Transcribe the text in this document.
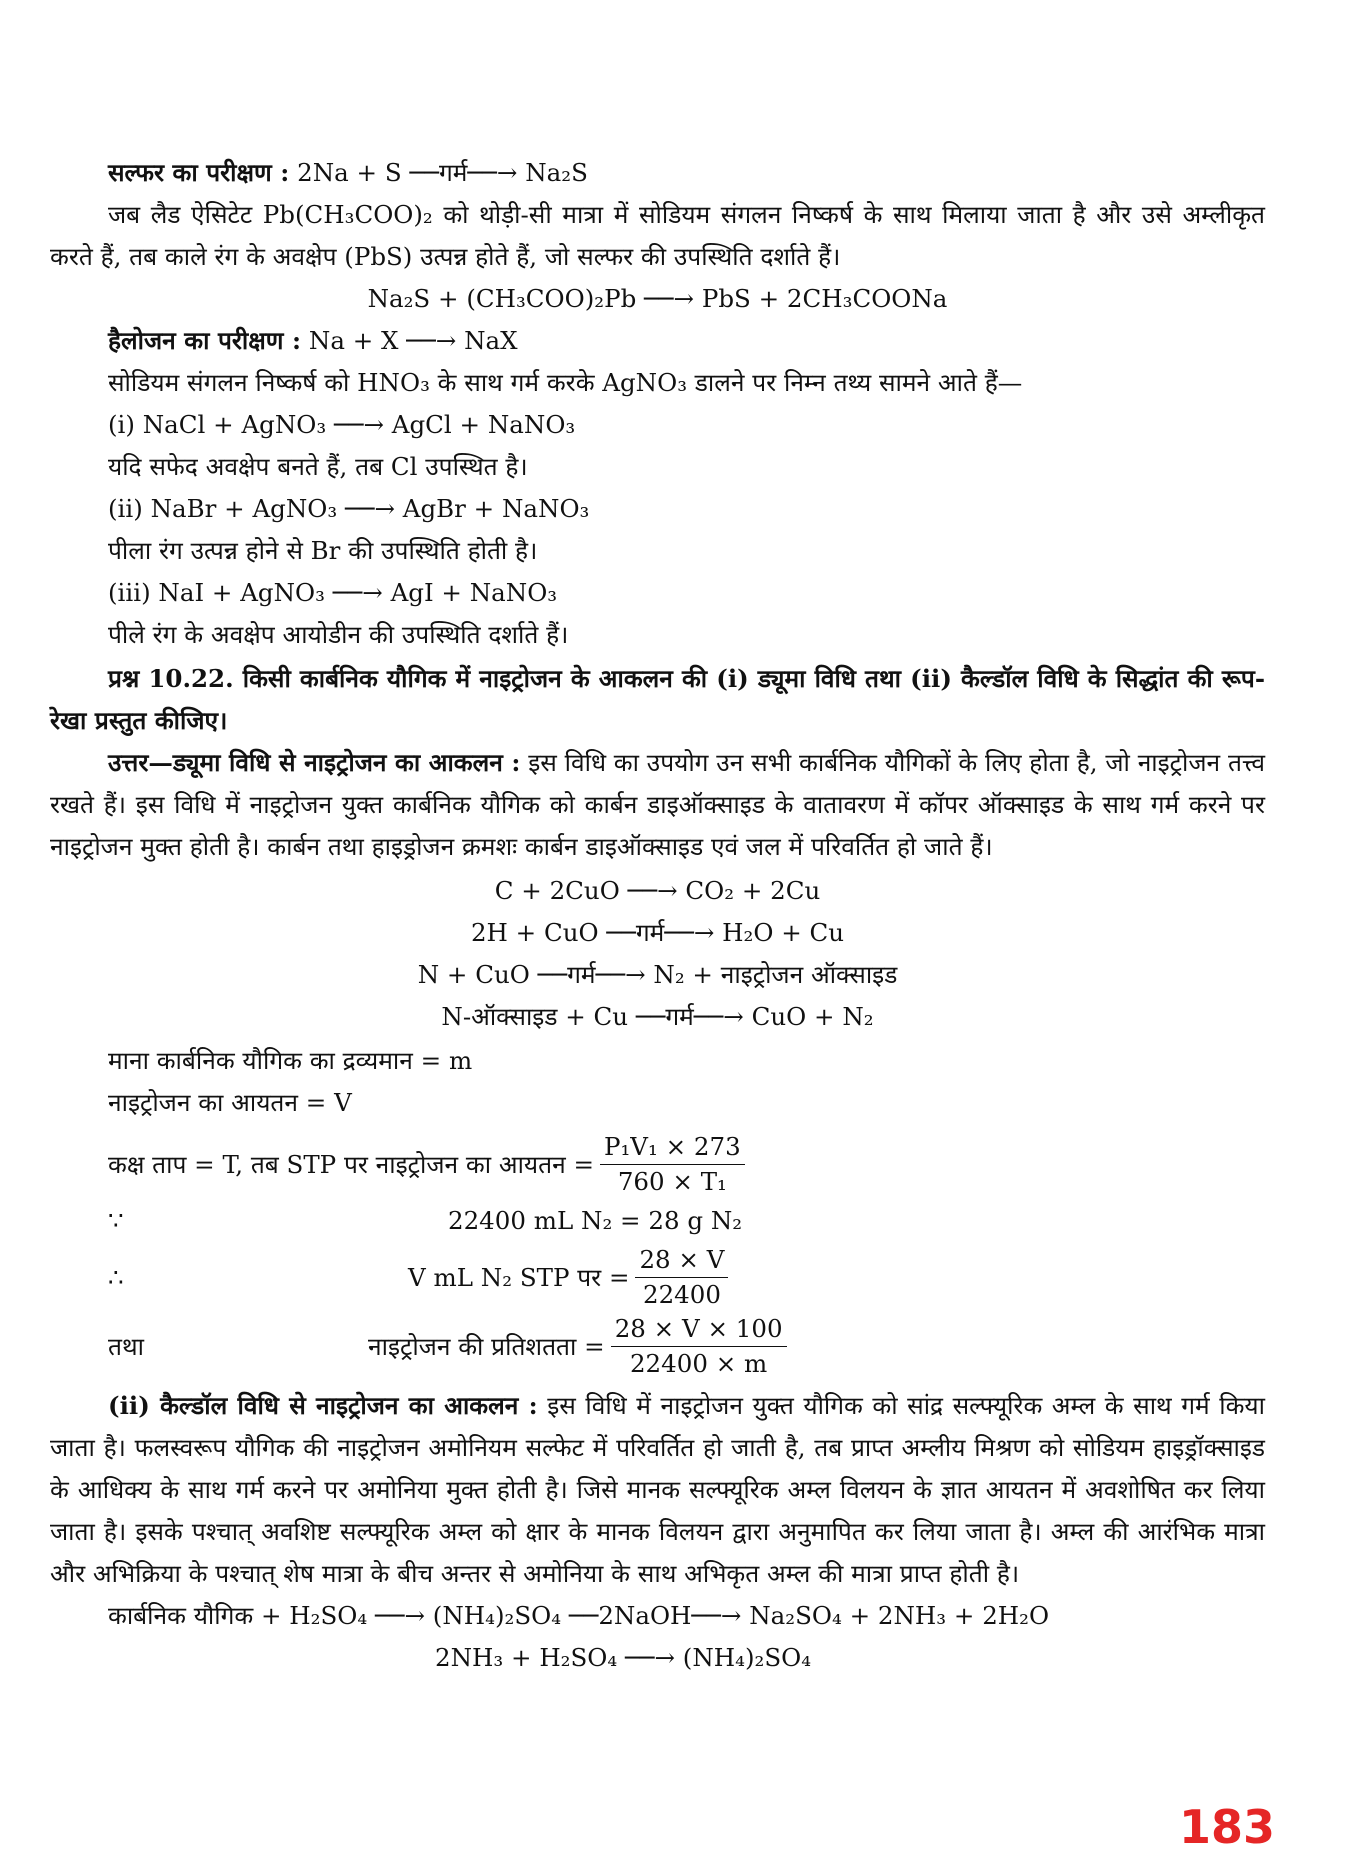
सल्फर का परीक्षण : 2Na + S ──गर्म──→ Na₂S

जब लैड ऐसिटेट Pb(CH₃COO)₂ को थोड़ी-सी मात्रा में सोडियम संगलन निष्कर्ष के साथ मिलाया जाता है और उसे अम्लीकृत करते हैं, तब काले रंग के अवक्षेप (PbS) उत्पन्न होते हैं, जो सल्फर की उपस्थिति दर्शाते हैं।

Na₂S + (CH₃COO)₂Pb ──→ PbS + 2CH₃COONa

हैलोजन का परीक्षण : Na + X ──→ NaX

सोडियम संगलन निष्कर्ष को HNO₃ के साथ गर्म करके AgNO₃ डालने पर निम्न तथ्य सामने आते हैं—

(i) NaCl + AgNO₃ ──→ AgCl + NaNO₃

यदि सफेद अवक्षेप बनते हैं, तब Cl उपस्थित है।

(ii) NaBr + AgNO₃ ──→ AgBr + NaNO₃

पीला रंग उत्पन्न होने से Br की उपस्थिति होती है।

(iii) NaI + AgNO₃ ──→ AgI + NaNO₃

पीले रंग के अवक्षेप आयोडीन की उपस्थिति दर्शाते हैं।

प्रश्न 10.22. किसी कार्बनिक यौगिक में नाइट्रोजन के आकलन की (i) ड्यूमा विधि तथा (ii) कैल्डॉल विधि के सिद्धांत की रूप-रेखा प्रस्तुत कीजिए।

उत्तर—ड्यूमा विधि से नाइट्रोजन का आकलन : इस विधि का उपयोग उन सभी कार्बनिक यौगिकों के लिए होता है, जो नाइट्रोजन तत्त्व रखते हैं। इस विधि में नाइट्रोजन युक्त कार्बनिक यौगिक को कार्बन डाइऑक्साइड के वातावरण में कॉपर ऑक्साइड के साथ गर्म करने पर नाइट्रोजन मुक्त होती है। कार्बन तथा हाइड्रोजन क्रमशः कार्बन डाइऑक्साइड एवं जल में परिवर्तित हो जाते हैं।

C + 2CuO ──→ CO₂ + 2Cu
2H + CuO ──गर्म──→ H₂O + Cu
N + CuO ──गर्म──→ N₂ + नाइट्रोजन ऑक्साइड
N-ऑक्साइड + Cu ──गर्म──→ CuO + N₂

माना कार्बनिक यौगिक का द्रव्यमान = m

नाइट्रोजन का आयतन = V

कक्ष ताप = T, तब STP पर नाइट्रोजन का आयतन = $\frac{\text{P₁V₁ × 273}}{\text{760 × T₁}}$
∵	22400 mL N₂ = 28 g N₂
∴	V mL N₂ STP पर = $\frac{28 \times V}{22400}$
तथा	नाइट्रोजन की प्रतिशतता = $\frac{28 \times V \times 100}{22400 \times m}$

(ii) कैल्डॉल विधि से नाइट्रोजन का आकलन : इस विधि में नाइट्रोजन युक्त यौगिक को सांद्र सल्फ्यूरिक अम्ल के साथ गर्म किया जाता है। फलस्वरूप यौगिक की नाइट्रोजन अमोनियम सल्फेट में परिवर्तित हो जाती है, तब प्राप्त अम्लीय मिश्रण को सोडियम हाइड्रॉक्साइड के आधिक्य के साथ गर्म करने पर अमोनिया मुक्त होती है। जिसे मानक सल्फ्यूरिक अम्ल विलयन के ज्ञात आयतन में अवशोषित कर लिया जाता है। इसके पश्चात् अवशिष्ट सल्फ्यूरिक अम्ल को क्षार के मानक विलयन द्वारा अनुमापित कर लिया जाता है। अम्ल की आरंभिक मात्रा और अभिक्रिया के पश्चात् शेष मात्रा के बीच अन्तर से अमोनिया के साथ अभिकृत अम्ल की मात्रा प्राप्त होती है।

कार्बनिक यौगिक + H₂SO₄ ──→ (NH₄)₂SO₄ ──2NaOH──→ Na₂SO₄ + 2NH₃ + 2H₂O

2NH₃ + H₂SO₄ ──→ (NH₄)₂SO₄

183
